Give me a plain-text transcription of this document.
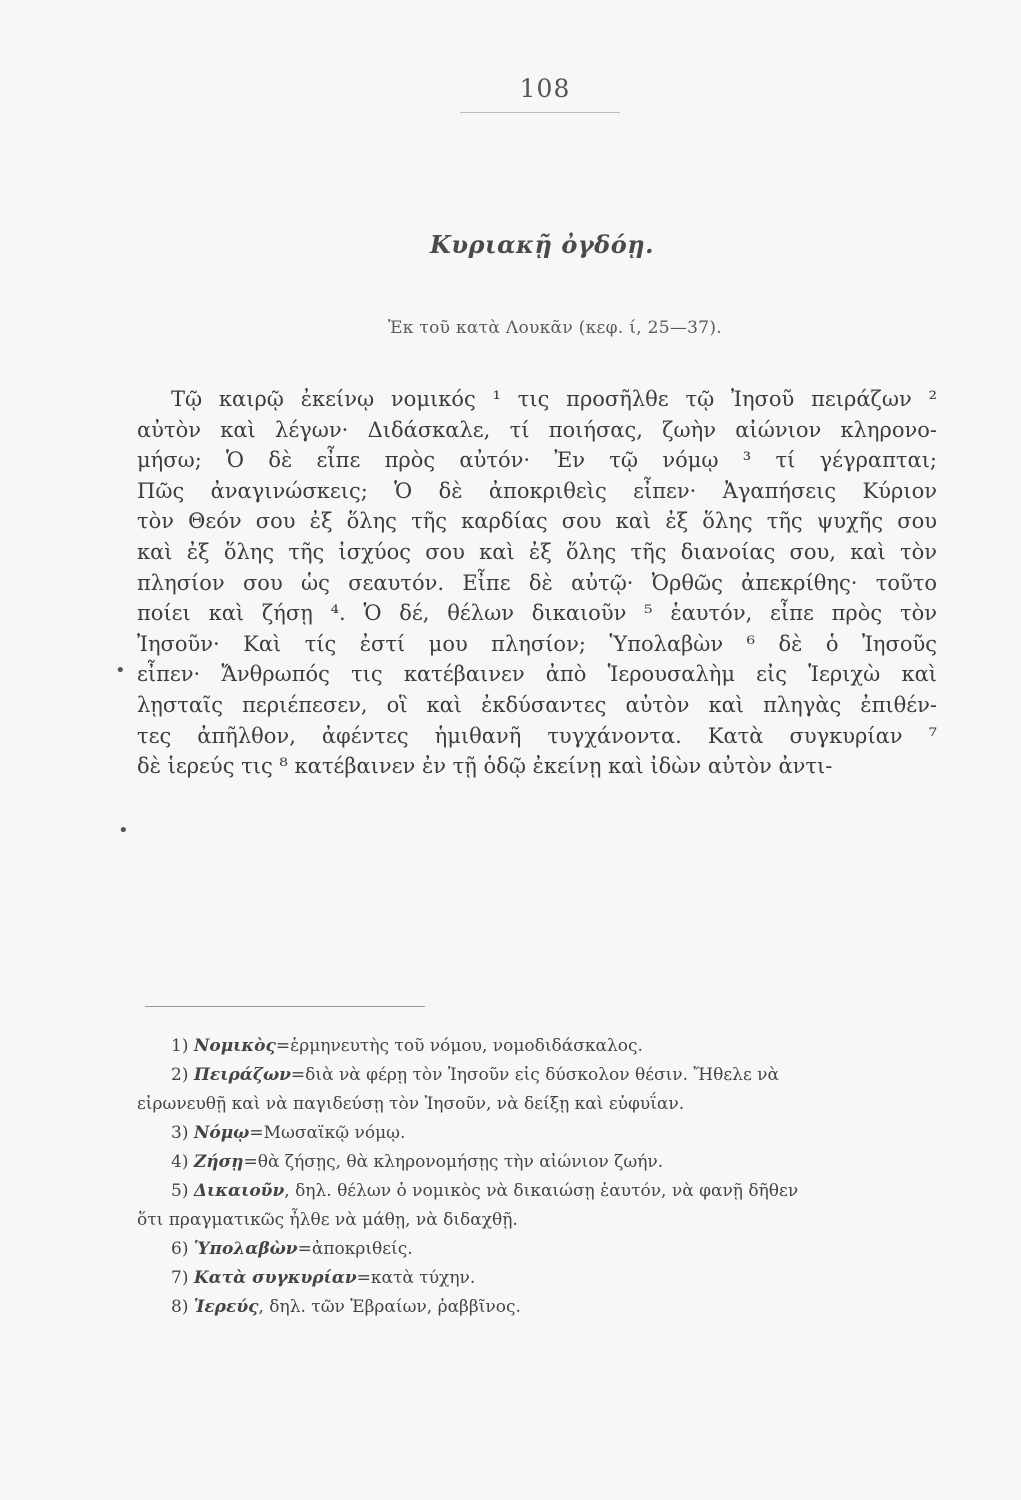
108
Κυριακῇ ὀγδόῃ.
Ἐκ τοῦ κατὰ Λουκᾶν (κεφ. ί, 25—37).
Τῷ καιρῷ ἐκείνῳ νομικός ¹ τις προσῆλθε τῷ Ἰησοῦ πειράζων ²
αὐτὸν καὶ λέγων· Διδάσκαλε, τί ποιήσας, ζωὴν αἰώνιον κληρονο-
μήσω; Ὁ δὲ εἶπε πρὸς αὐτόν· Ἐν τῷ νόμῳ ³ τί γέγραπται;
Πῶς ἀναγινώσκεις; Ὁ δὲ ἀποκριθεὶς εἶπεν· Ἀγαπήσεις Κύριον
τὸν Θεόν σου ἐξ ὅλης τῆς καρδίας σου καὶ ἐξ ὅλης τῆς ψυχῆς σου
καὶ ἐξ ὅλης τῆς ἰσχύος σου καὶ ἐξ ὅλης τῆς διανοίας σου, καὶ τὸν
πλησίον σου ὡς σεαυτόν. Εἶπε δὲ αὐτῷ· Ὀρθῶς ἀπεκρίθης· τοῦτο
ποίει καὶ ζήσῃ ⁴. Ὁ δέ, θέλων δικαιοῦν ⁵ ἑαυτόν, εἶπε πρὸς τὸν
Ἰησοῦν· Καὶ τίς ἐστί μου πλησίον; Ὑπολαβὼν ⁶ δὲ ὁ Ἰησοῦς
εἶπεν· Ἄνθρωπός τις κατέβαινεν ἀπὸ Ἱερουσαλὴμ εἰς Ἱεριχὼ καὶ
λῃσταῖς περιέπεσεν, οἳ καὶ ἐκδύσαντες αὐτὸν καὶ πληγὰς ἐπιθέν-
τες ἀπῆλθον, ἀφέντες ἡμιθανῆ τυγχάνοντα. Κατὰ συγκυρίαν ⁷
δὲ ἱερεύς τις ⁸ κατέβαινεν ἐν τῇ ὁδῷ ἐκείνῃ καὶ ἰδὼν αὐτὸν ἀντι-
•
•
1) Νομικὸς=ἑρμηνευτὴς τοῦ νόμου, νομοδιδάσκαλος.
2) Πειράζων=διὰ νὰ φέρῃ τὸν Ἰησοῦν εἰς δύσκολον θέσιν. Ἤθελε νὰ
εἰρωνευθῇ καὶ νὰ παγιδεύσῃ τὸν Ἰησοῦν, νὰ δείξῃ καὶ εὐφυΐαν.
3) Νόμῳ=Μωσαϊκῷ νόμῳ.
4) Ζήσῃ=θὰ ζήσῃς, θὰ κληρονομήσῃς τὴν αἰώνιον ζωήν.
5) Δικαιοῦν, δηλ. θέλων ὁ νομικὸς νὰ δικαιώσῃ ἑαυτόν, νὰ φανῇ δῆθεν
ὅτι πραγματικῶς ἦλθε νὰ μάθῃ, νὰ διδαχθῇ.
6) Ὑπολαβὼν=ἀποκριθείς.
7) Κατὰ συγκυρίαν=κατὰ τύχην.
8) Ἱερεύς, δηλ. τῶν Ἑβραίων, ῥαββῖνος.
